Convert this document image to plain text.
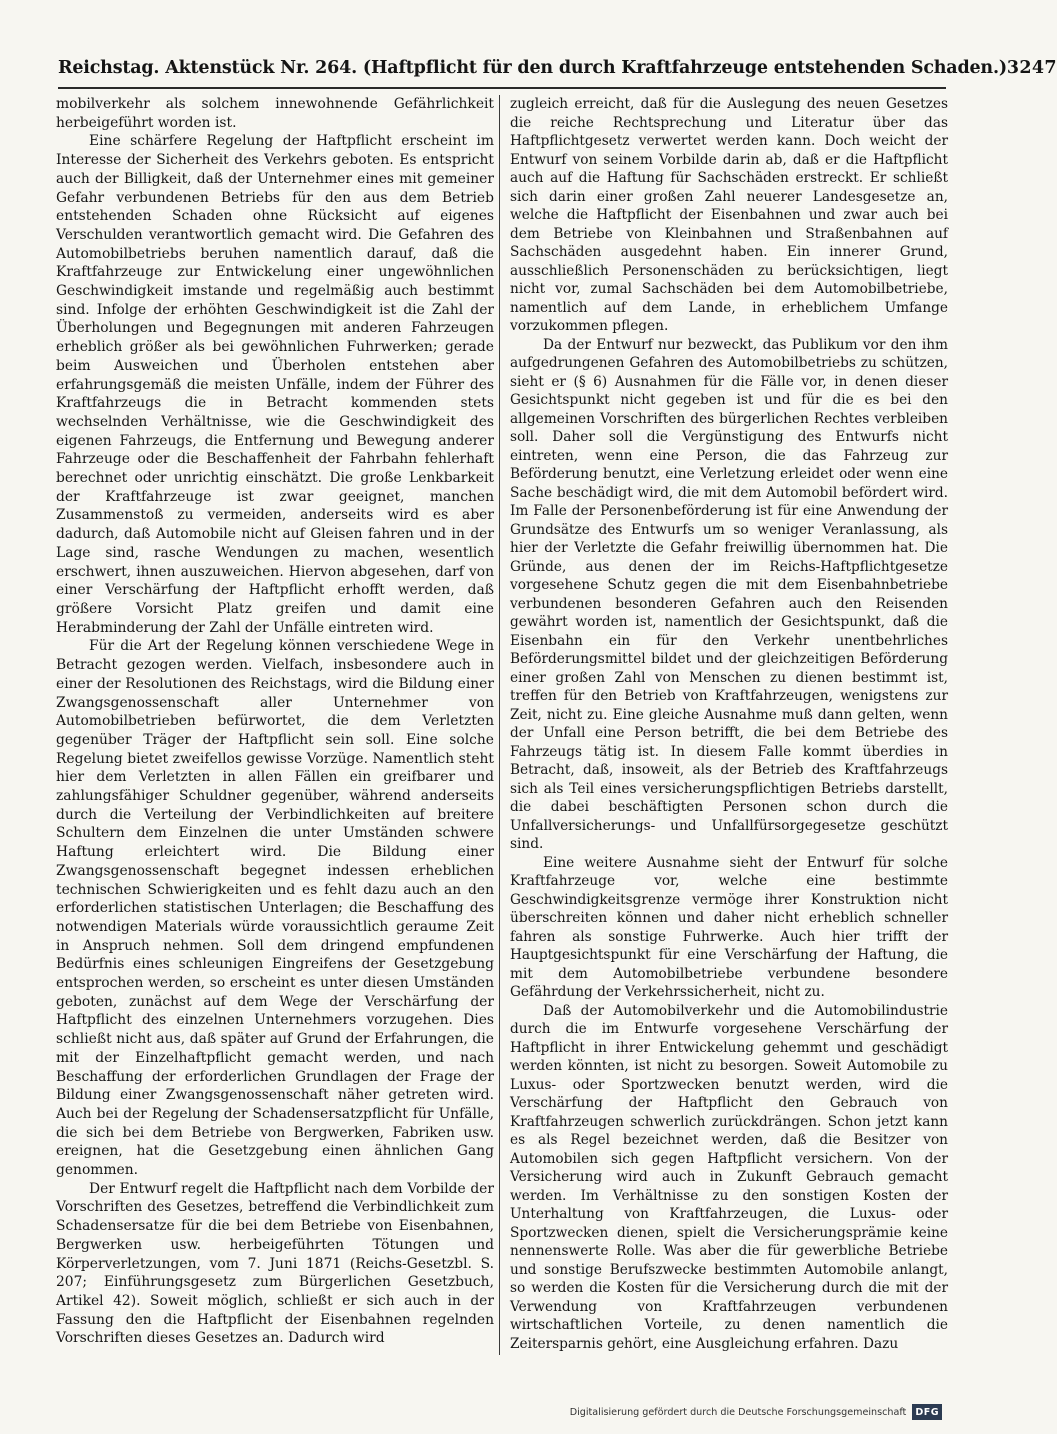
Reichstag. Aktenstück Nr. 264. (Haftpflicht für den durch Kraftfahrzeuge entstehenden Schaden.) 3247

mobilverkehr als solchem innewohnende Gefährlichkeit herbeigeführt worden ist.

Eine schärfere Regelung der Haftpflicht erscheint im Interesse der Sicherheit des Verkehrs geboten. Es entspricht auch der Billigkeit, daß der Unternehmer eines mit gemeiner Gefahr verbundenen Betriebs für den aus dem Betrieb entstehenden Schaden ohne Rücksicht auf eigenes Verschulden verantwortlich gemacht wird. Die Gefahren des Automobilbetriebs beruhen namentlich darauf, daß die Kraftfahrzeuge zur Entwickelung einer ungewöhnlichen Geschwindigkeit imstande und regelmäßig auch bestimmt sind. Infolge der erhöhten Geschwindigkeit ist die Zahl der Überholungen und Begegnungen mit anderen Fahrzeugen erheblich größer als bei gewöhnlichen Fuhrwerken; gerade beim Ausweichen und Überholen entstehen aber erfahrungsgemäß die meisten Unfälle, indem der Führer des Kraftfahrzeugs die in Betracht kommenden stets wechselnden Verhältnisse, wie die Geschwindigkeit des eigenen Fahrzeugs, die Entfernung und Bewegung anderer Fahrzeuge oder die Beschaffenheit der Fahrbahn fehlerhaft berechnet oder unrichtig einschätzt. Die große Lenkbarkeit der Kraftfahrzeuge ist zwar geeignet, manchen Zusammenstoß zu vermeiden, anderseits wird es aber dadurch, daß Automobile nicht auf Gleisen fahren und in der Lage sind, rasche Wendungen zu machen, wesentlich erschwert, ihnen auszuweichen. Hiervon abgesehen, darf von einer Verschärfung der Haftpflicht erhofft werden, daß größere Vorsicht Platz greifen und damit eine Herabminderung der Zahl der Unfälle eintreten wird.

Für die Art der Regelung können verschiedene Wege in Betracht gezogen werden. Vielfach, insbesondere auch in einer der Resolutionen des Reichstags, wird die Bildung einer Zwangsgenossenschaft aller Unternehmer von Automobilbetrieben befürwortet, die dem Verletzten gegenüber Träger der Haftpflicht sein soll. Eine solche Regelung bietet zweifellos gewisse Vorzüge. Namentlich steht hier dem Verletzten in allen Fällen ein greifbarer und zahlungsfähiger Schuldner gegenüber, während anderseits durch die Verteilung der Verbindlichkeiten auf breitere Schultern dem Einzelnen die unter Umständen schwere Haftung erleichtert wird. Die Bildung einer Zwangsgenossenschaft begegnet indessen erheblichen technischen Schwierigkeiten und es fehlt dazu auch an den erforderlichen statistischen Unterlagen; die Beschaffung des notwendigen Materials würde voraussichtlich geraume Zeit in Anspruch nehmen. Soll dem dringend empfundenen Bedürfnis eines schleunigen Eingreifens der Gesetzgebung entsprochen werden, so erscheint es unter diesen Umständen geboten, zunächst auf dem Wege der Verschärfung der Haftpflicht des einzelnen Unternehmers vorzugehen. Dies schließt nicht aus, daß später auf Grund der Erfahrungen, die mit der Einzelhaftpflicht gemacht werden, und nach Beschaffung der erforderlichen Grundlagen der Frage der Bildung einer Zwangsgenossenschaft näher getreten wird. Auch bei der Regelung der Schadensersatzpflicht für Unfälle, die sich bei dem Betriebe von Bergwerken, Fabriken usw. ereignen, hat die Gesetzgebung einen ähnlichen Gang genommen.

Der Entwurf regelt die Haftpflicht nach dem Vorbilde der Vorschriften des Gesetzes, betreffend die Verbindlichkeit zum Schadensersatze für die bei dem Betriebe von Eisenbahnen, Bergwerken usw. herbeigeführten Tötungen und Körperverletzungen, vom 7. Juni 1871 (Reichs-Gesetzbl. S. 207; Einführungsgesetz zum Bürgerlichen Gesetzbuch, Artikel 42). Soweit möglich, schließt er sich auch in der Fassung den die Haftpflicht der Eisenbahnen regelnden Vorschriften dieses Gesetzes an. Dadurch wird

zugleich erreicht, daß für die Auslegung des neuen Gesetzes die reiche Rechtsprechung und Literatur über das Haftpflichtgesetz verwertet werden kann. Doch weicht der Entwurf von seinem Vorbilde darin ab, daß er die Haftpflicht auch auf die Haftung für Sachschäden erstreckt. Er schließt sich darin einer großen Zahl neuerer Landesgesetze an, welche die Haftpflicht der Eisenbahnen und zwar auch bei dem Betriebe von Kleinbahnen und Straßenbahnen auf Sachschäden ausgedehnt haben. Ein innerer Grund, ausschließlich Personenschäden zu berücksichtigen, liegt nicht vor, zumal Sachschäden bei dem Automobilbetriebe, namentlich auf dem Lande, in erheblichem Umfange vorzukommen pflegen.

Da der Entwurf nur bezweckt, das Publikum vor den ihm aufgedrungenen Gefahren des Automobilbetriebs zu schützen, sieht er (§ 6) Ausnahmen für die Fälle vor, in denen dieser Gesichtspunkt nicht gegeben ist und für die es bei den allgemeinen Vorschriften des bürgerlichen Rechtes verbleiben soll. Daher soll die Vergünstigung des Entwurfs nicht eintreten, wenn eine Person, die das Fahrzeug zur Beförderung benutzt, eine Verletzung erleidet oder wenn eine Sache beschädigt wird, die mit dem Automobil befördert wird. Im Falle der Personenbeförderung ist für eine Anwendung der Grundsätze des Entwurfs um so weniger Veranlassung, als hier der Verletzte die Gefahr freiwillig übernommen hat. Die Gründe, aus denen der im Reichs-Haftpflichtgesetze vorgesehene Schutz gegen die mit dem Eisenbahnbetriebe verbundenen besonderen Gefahren auch den Reisenden gewährt worden ist, namentlich der Gesichtspunkt, daß die Eisenbahn ein für den Verkehr unentbehrliches Beförderungsmittel bildet und der gleichzeitigen Beförderung einer großen Zahl von Menschen zu dienen bestimmt ist, treffen für den Betrieb von Kraftfahrzeugen, wenigstens zur Zeit, nicht zu. Eine gleiche Ausnahme muß dann gelten, wenn der Unfall eine Person betrifft, die bei dem Betriebe des Fahrzeugs tätig ist. In diesem Falle kommt überdies in Betracht, daß, insoweit, als der Betrieb des Kraftfahrzeugs sich als Teil eines versicherungspflichtigen Betriebs darstellt, die dabei beschäftigten Personen schon durch die Unfallversicherungs- und Unfallfürsorgegesetze geschützt sind.

Eine weitere Ausnahme sieht der Entwurf für solche Kraftfahrzeuge vor, welche eine bestimmte Geschwindigkeitsgrenze vermöge ihrer Konstruktion nicht überschreiten können und daher nicht erheblich schneller fahren als sonstige Fuhrwerke. Auch hier trifft der Hauptgesichtspunkt für eine Verschärfung der Haftung, die mit dem Automobilbetriebe verbundene besondere Gefährdung der Verkehrssicherheit, nicht zu.

Daß der Automobilverkehr und die Automobilindustrie durch die im Entwurfe vorgesehene Verschärfung der Haftpflicht in ihrer Entwickelung gehemmt und geschädigt werden könnten, ist nicht zu besorgen. Soweit Automobile zu Luxus- oder Sportzwecken benutzt werden, wird die Verschärfung der Haftpflicht den Gebrauch von Kraftfahrzeugen schwerlich zurückdrängen. Schon jetzt kann es als Regel bezeichnet werden, daß die Besitzer von Automobilen sich gegen Haftpflicht versichern. Von der Versicherung wird auch in Zukunft Gebrauch gemacht werden. Im Verhältnisse zu den sonstigen Kosten der Unterhaltung von Kraftfahrzeugen, die Luxus- oder Sportzwecken dienen, spielt die Versicherungsprämie keine nennenswerte Rolle. Was aber die für gewerbliche Betriebe und sonstige Berufszwecke bestimmten Automobile anlangt, so werden die Kosten für die Versicherung durch die mit der Verwendung von Kraftfahrzeugen verbundenen wirtschaftlichen Vorteile, zu denen namentlich die Zeitersparnis gehört, eine Ausgleichung erfahren. Dazu

Digitalisierung gefördert durch die Deutsche Forschungsgemeinschaft DFG
